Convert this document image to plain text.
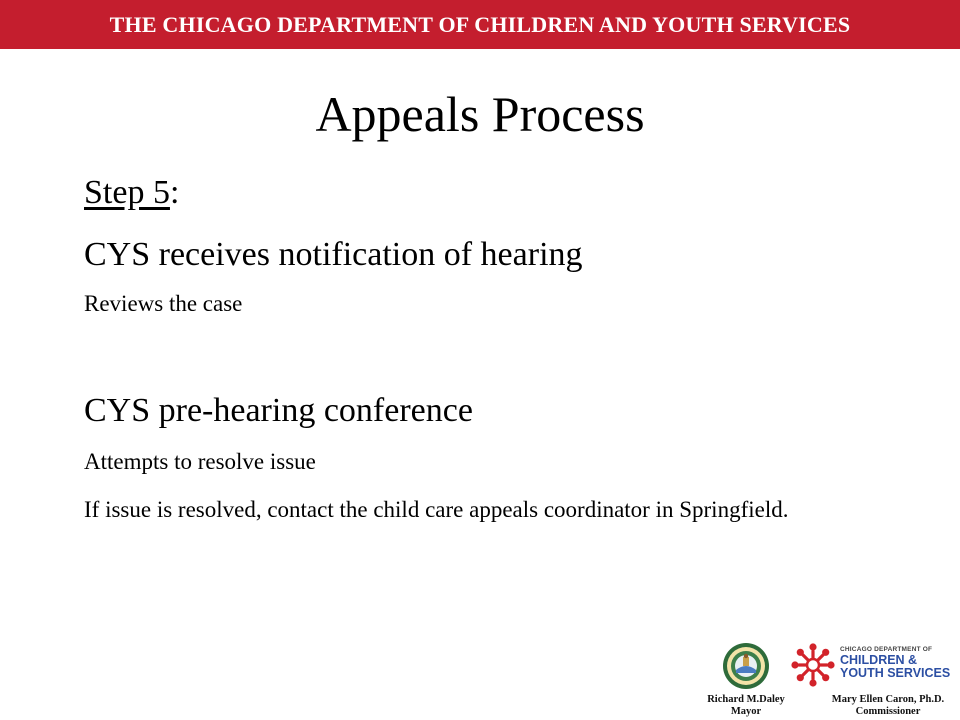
THE CHICAGO DEPARTMENT OF CHILDREN AND YOUTH SERVICES
Appeals Process
Step 5:
CYS receives notification of hearing
Reviews the case
CYS pre-hearing conference
Attempts to resolve issue
If issue is resolved, contact the child care appeals coordinator in Springfield.
CHICAGO DEPARTMENT OF
CHILDREN &
YOUTH SERVICES
Richard M.Daley
Mayor
Mary Ellen Caron, Ph.D.
Commissioner
